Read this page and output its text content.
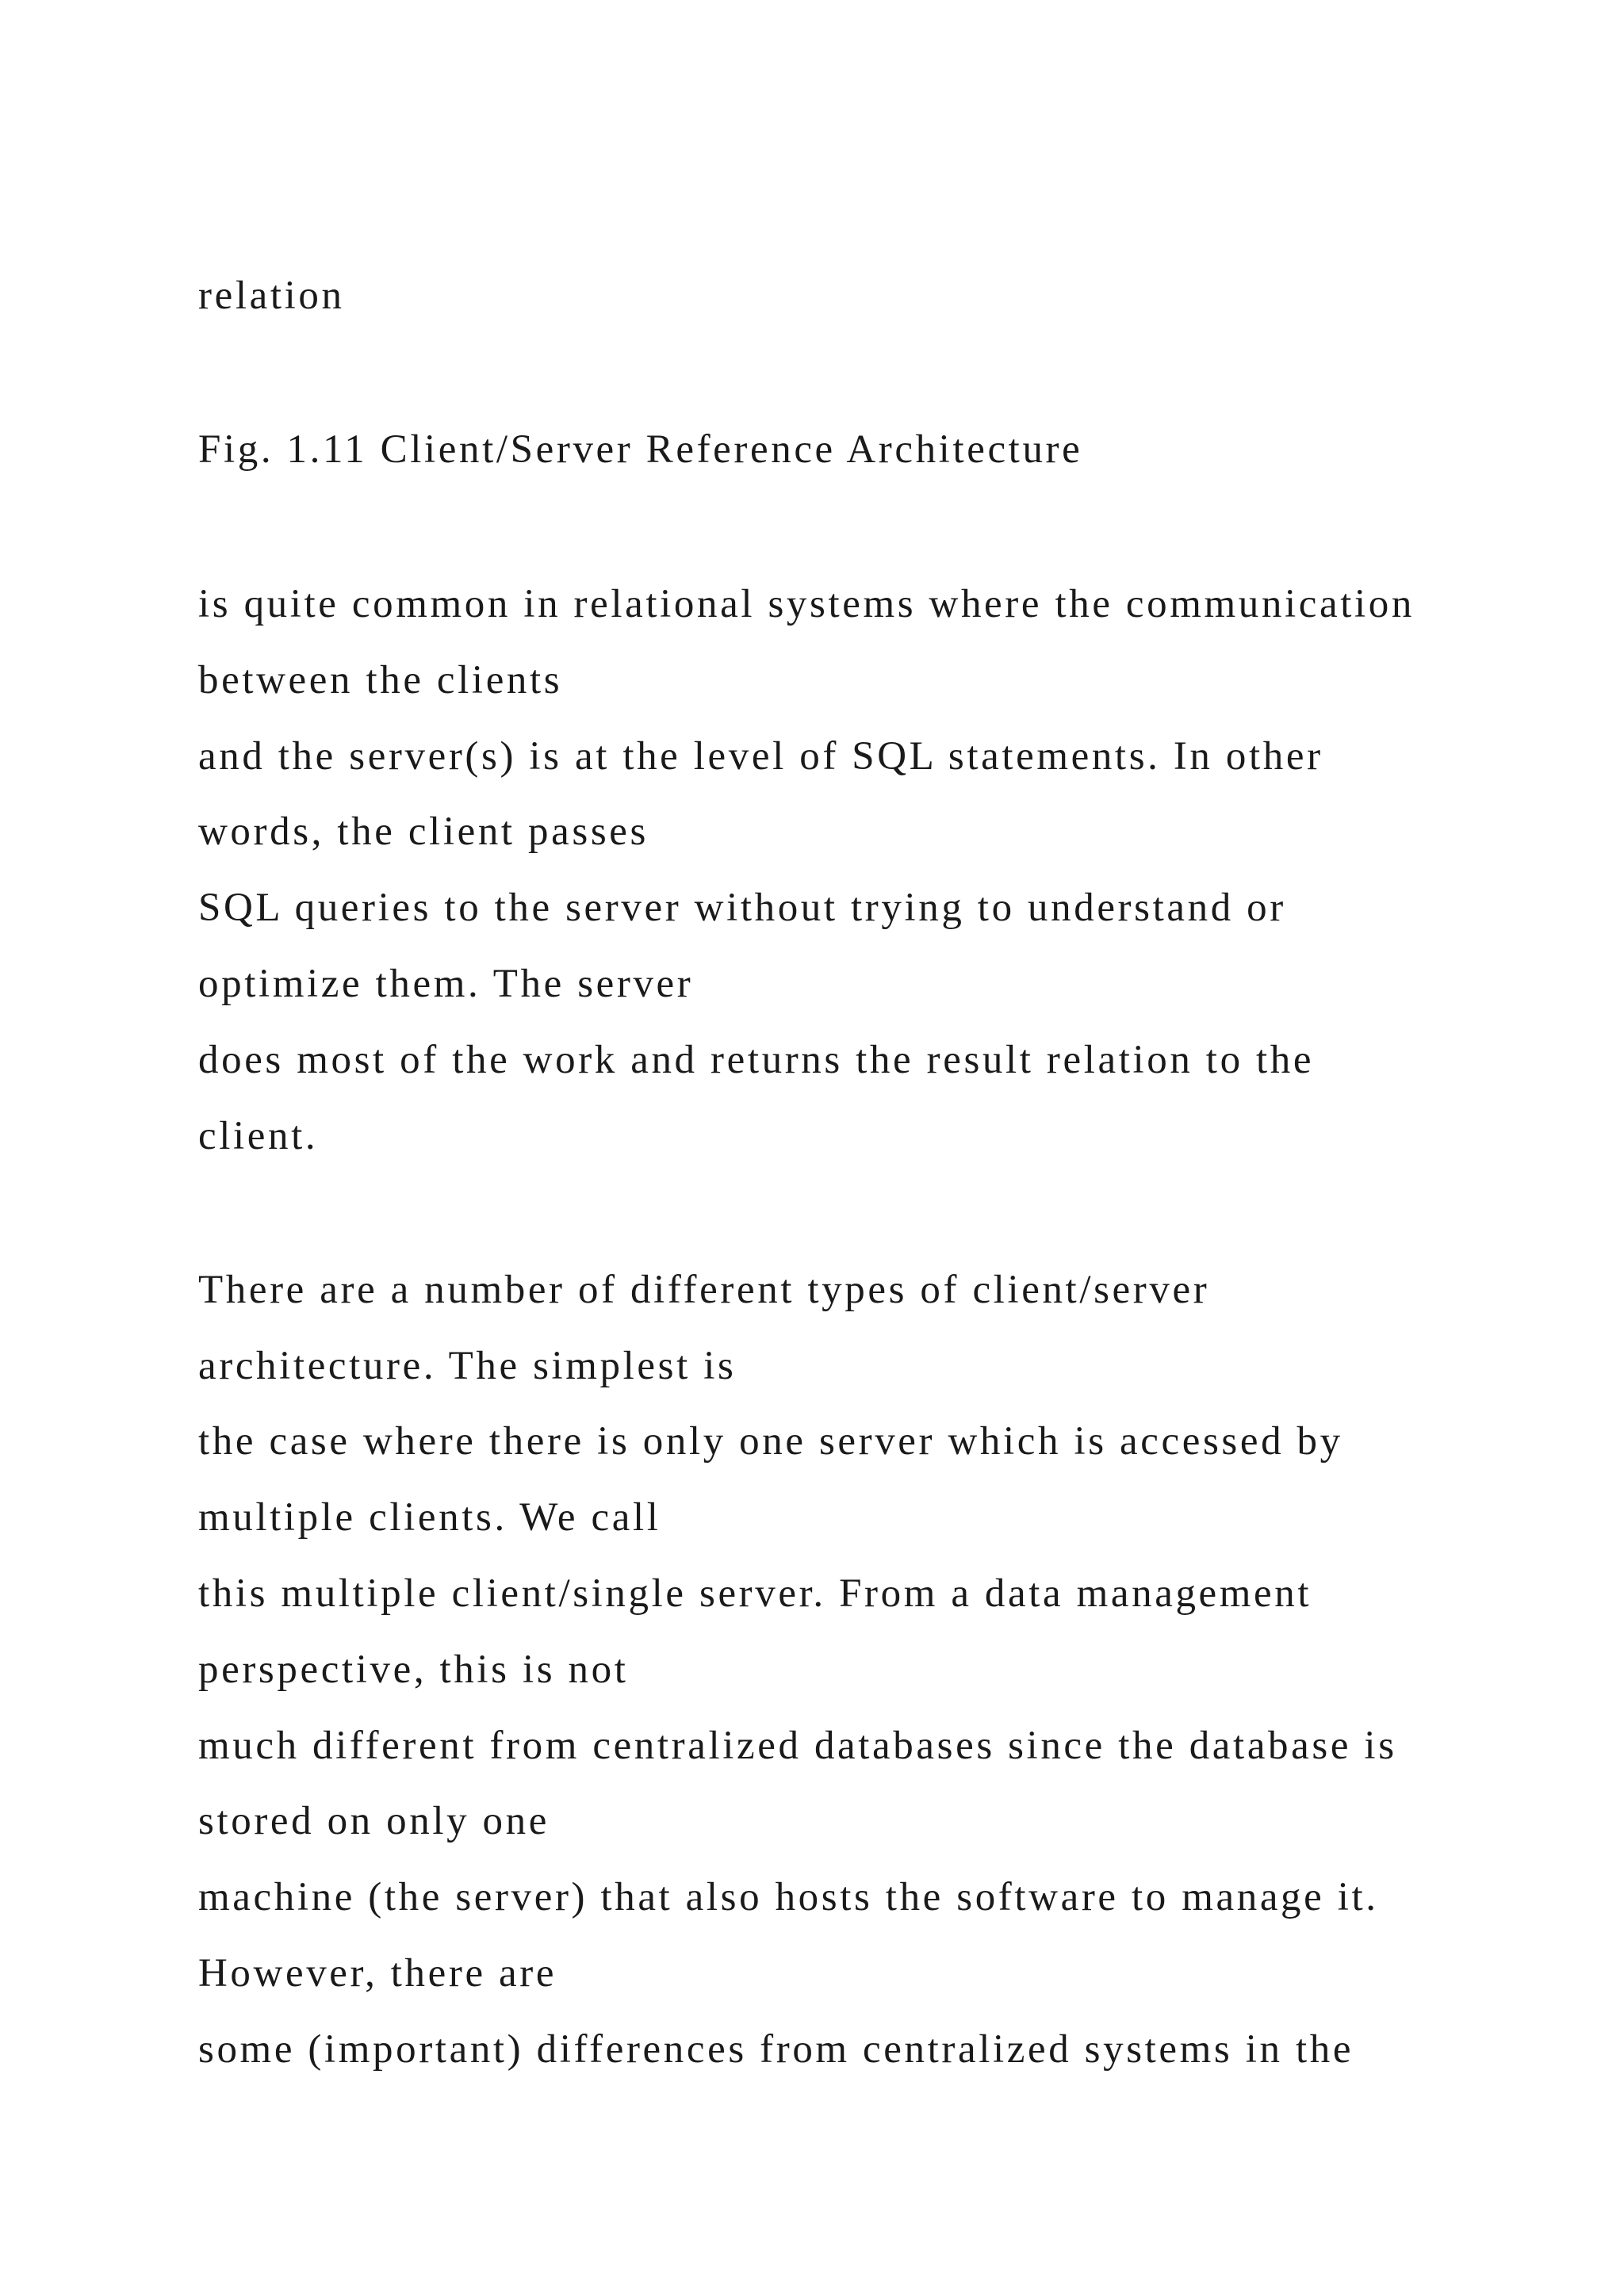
relation

Fig. 1.11 Client/Server Reference Architecture

is quite common in relational systems where the communication

between the clients

and the server(s) is at the level of SQL statements. In other

words, the client passes

SQL queries to the server without trying to understand or

optimize them. The server

does most of the work and returns the result relation to the

client.

There are a number of different types of client/server

architecture. The simplest is

the case where there is only one server which is accessed by

multiple clients. We call

this multiple client/single server. From a data management

perspective, this is not

much different from centralized databases since the database is

stored on only one

machine (the server) that also hosts the software to manage it.

However, there are

some (important) differences from centralized systems in the
